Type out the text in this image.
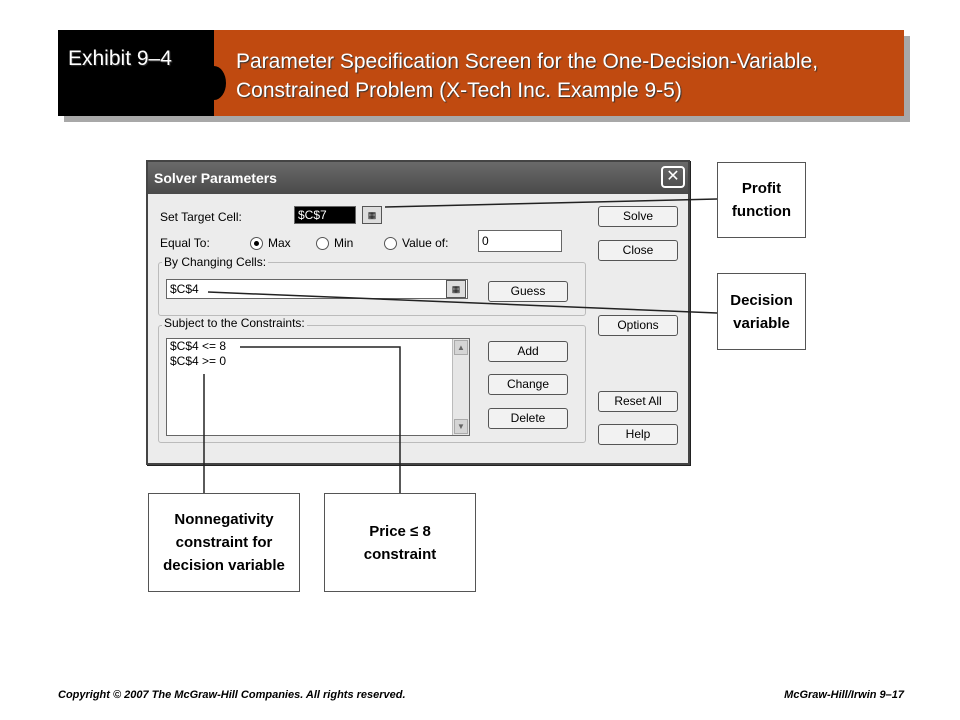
Exhibit 9–4	Parameter Specification Screen for the One-Decision-Variable, Constrained Problem (X-Tech Inc. Example 9-5)
Solver Parameters	✕
Set Target Cell:	$C$7	▦
Equal To:	Max	Min	Value of:	0
By Changing Cells:
$C$4	▦	Guess
Subject to the Constraints:
$C$4 <= 8
$C$4 >= 0
▲
▼
Add
Change
Delete
Solve
Close
Options
Reset All
Help
Profit function
Decision variable
Nonnegativity constraint for decision variable
Price ≤ 8 constraint
Copyright © 2007 The McGraw-Hill Companies. All rights reserved.	McGraw-Hill/Irwin 9–17
